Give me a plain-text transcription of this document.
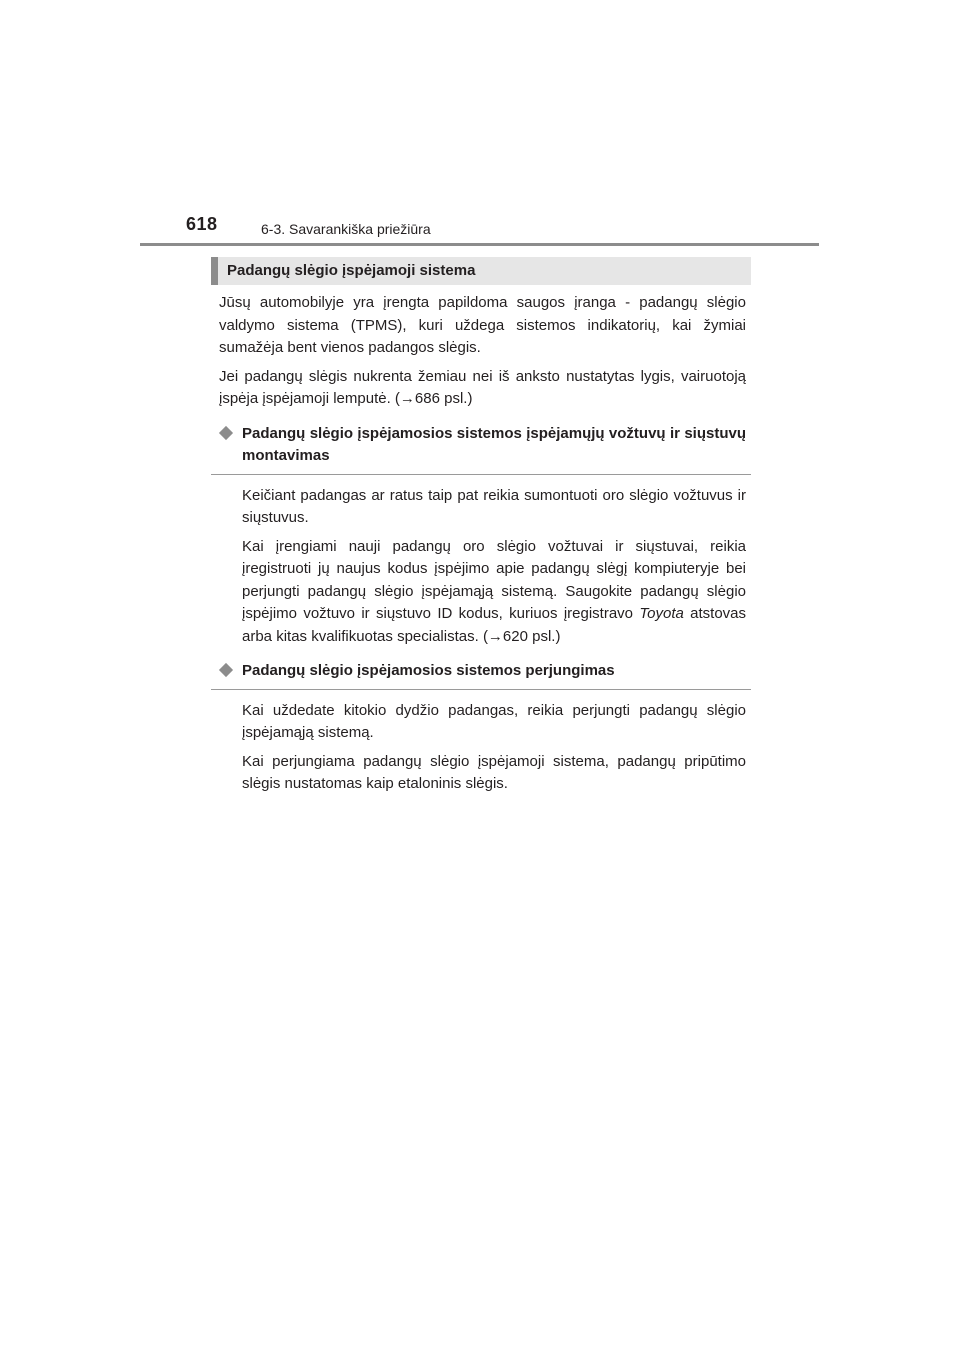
618	6-3. Savarankiška priežiūra
Padangų slėgio įspėjamoji sistema

Jūsų automobilyje yra įrengta papildoma saugos įranga - padangų slėgio valdymo sistema (TPMS), kuri uždega sistemos indikatorių, kai žymiai sumažėja bent vienos padangos slėgis.

Jei padangų slėgis nukrenta žemiau nei iš anksto nustatytas lygis, vairuotoją įspėja įspėjamoji lemputė. (→686 psl.)

Padangų slėgio įspėjamosios sistemos įspėjamųjų vožtuvų ir siųstuvų montavimas

Keičiant padangas ar ratus taip pat reikia sumontuoti oro slėgio vožtuvus ir siųstuvus.

Kai įrengiami nauji padangų oro slėgio vožtuvai ir siųstuvai, reikia įregistruoti jų naujus kodus įspėjimo apie padangų slėgį kompiuteryje bei perjungti padangų slėgio įspėjamąją sistemą. Saugokite padangų slėgio įspėjimo vožtuvo ir siųstuvo ID kodus, kuriuos įregistravo Toyota atstovas arba kitas kvalifikuotas specialistas. (→620 psl.)

Padangų slėgio įspėjamosios sistemos perjungimas

Kai uždedate kitokio dydžio padangas, reikia perjungti padangų slėgio įspėjamąją sistemą.

Kai perjungiama padangų slėgio įspėjamoji sistema, padangų pripūtimo slėgis nustatomas kaip etaloninis slėgis.
